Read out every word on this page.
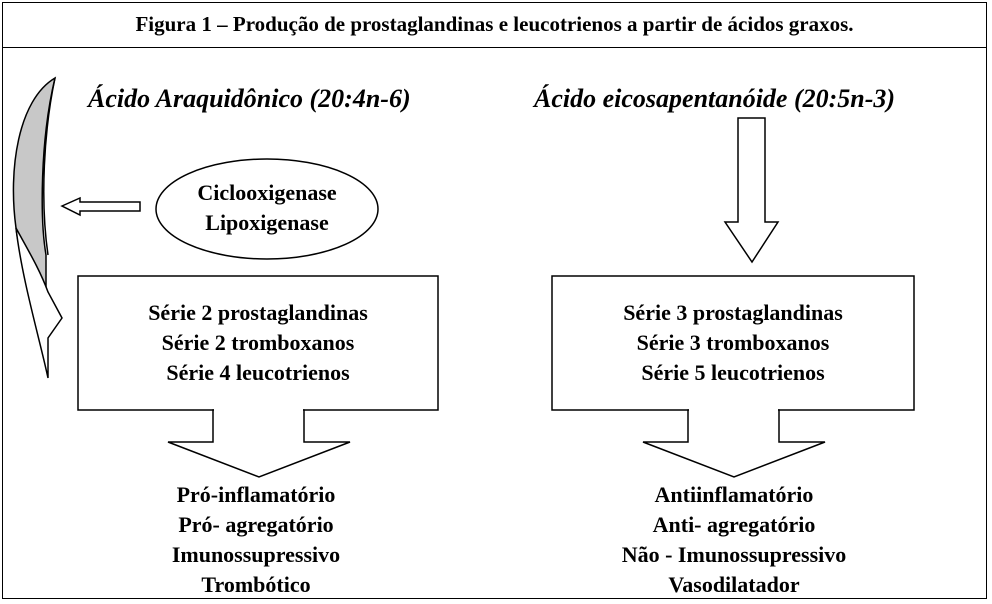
Figura 1 – Produção de prostaglandinas e leucotrienos a partir de ácidos graxos.
Ácido Araquidônico (20:4n-6)	Ácido eicosapentanóide (20:5n-3)
Ciclooxigenase
Lipoxigenase
Série 2 prostaglandinas
Série 2 tromboxanos
Série 4 leucotrienos
Série 3 prostaglandinas
Série 3 tromboxanos
Série 5 leucotrienos
Pró-inflamatório
Pró- agregatório
Imunossupressivo
Trombótico
Antiinflamatório
Anti- agregatório
Não - Imunossupressivo
Vasodilatador
